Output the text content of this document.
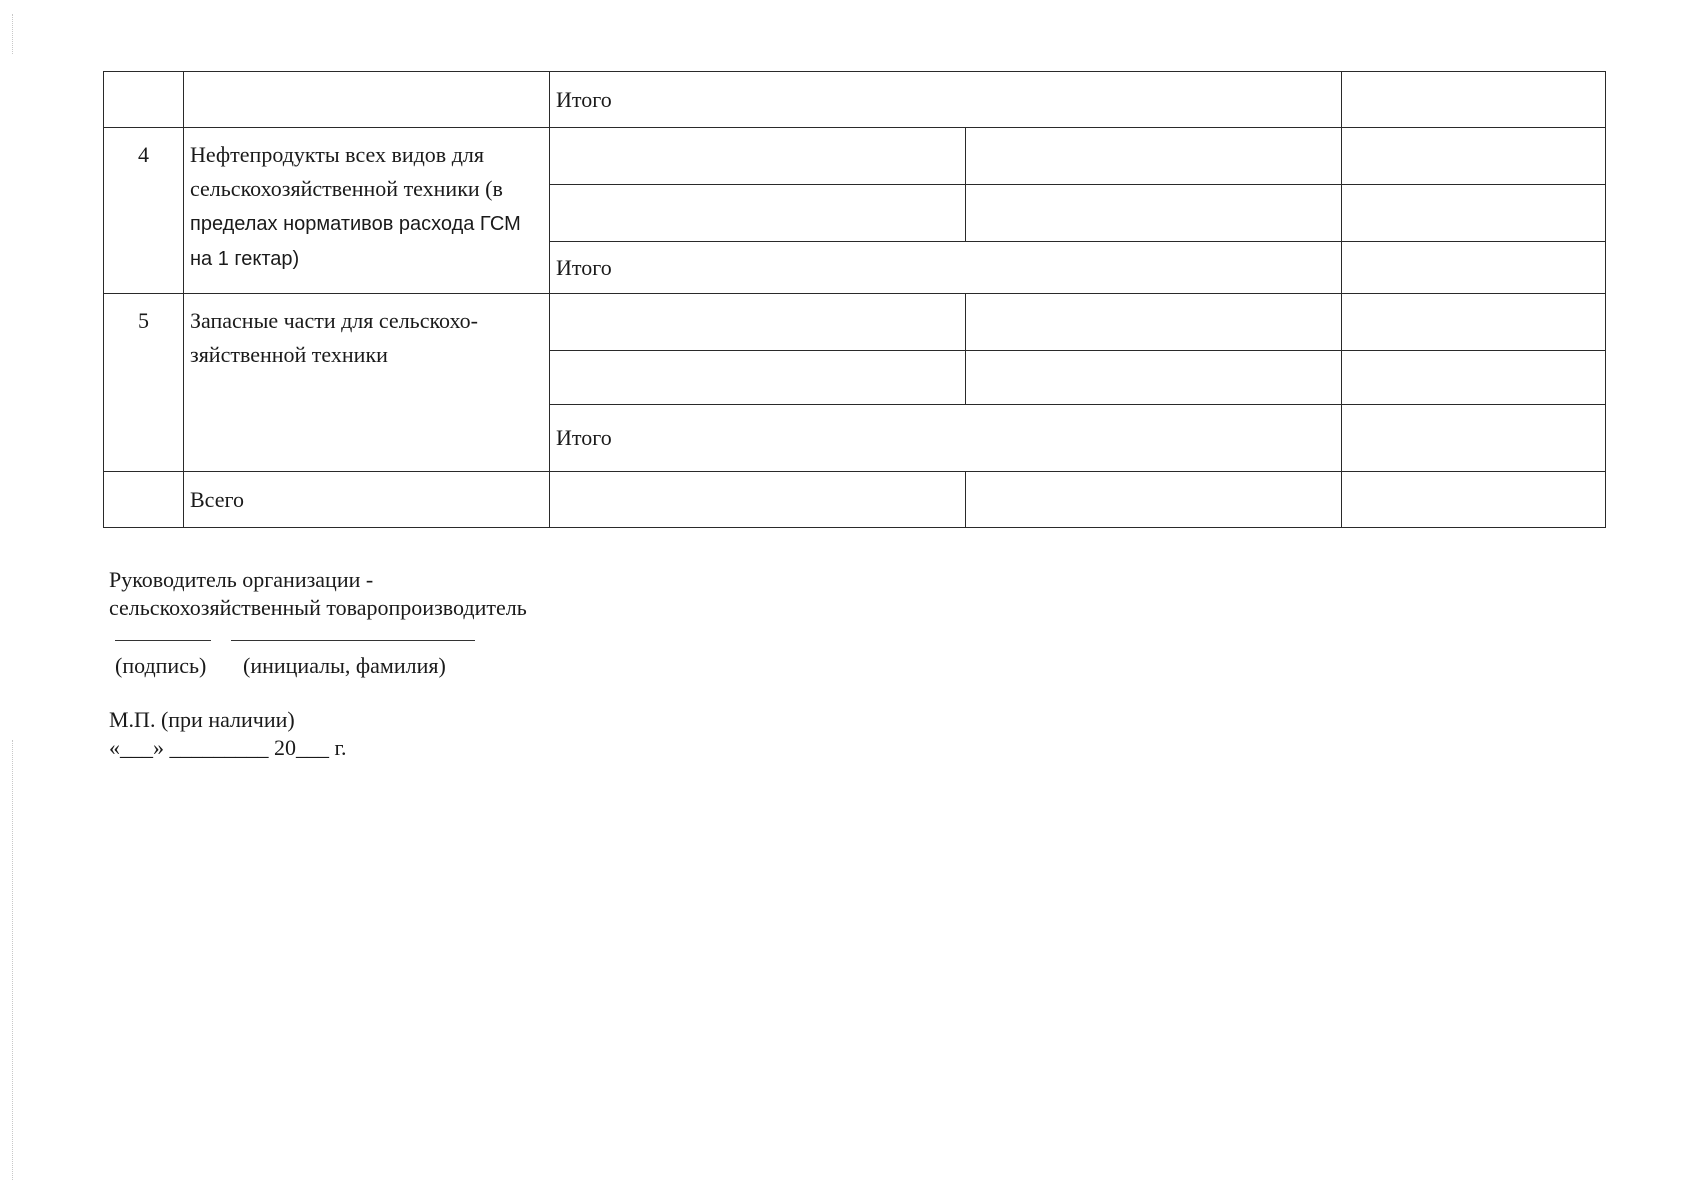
		Итого		
4	Нефтепродукты всех видов для сельскохозяйственной техники (в
пределах нормативов расхода ГСМ на 1 гектар)			

		Итого		
5	Запасные части для сельскохо-зяйственной техники			

		Итого		
	Всего			
Руководитель организации -
сельскохозяйственный товаропроизводитель
(подпись) (инициалы, фамилия)
М.П. (при наличии)
«___» _________ 20___ г.
